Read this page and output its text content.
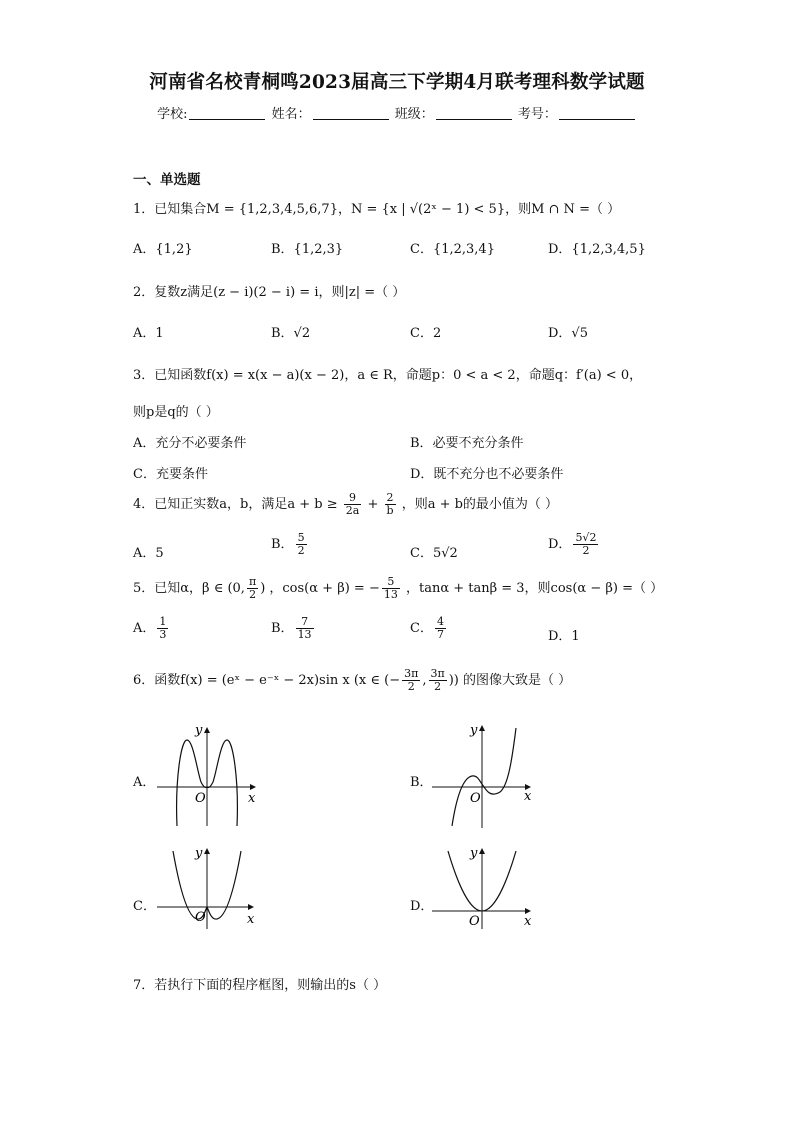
河南省名校青桐鸣2023届高三下学期4月联考理科数学试题
学校:	姓名：	班级：	考号：
一、单选题
1．已知集合M = {1,2,3,4,5,6,7}，N = {x | √(2ˣ − 1) < 5}，则M ∩ N =（ ）
A．{1,2}	B．{1,2,3}	C．{1,2,3,4}	D．{1,2,3,4,5}
2．复数z满足(z − i)(2 − i) = i，则|z| =（ ）
A．1	B．√2	C．2	D．√5
3．已知函数f(x) = x(x − a)(x − 2)，a ∈ R，命题p：0 < a < 2，命题q：f′(a) < 0，
则p是q的（ ）
A．充分不必要条件	B．必要不充分条件
C．充要条件	D．既不充分也不必要条件
4．已知正实数a，b，满足$a + b \ge \frac{9}{2a} + \frac{2}{b}$ ，则a + b的最小值为（ ）
A．5
B． $\frac{5}{2}$	C．5√2
D． $\frac{5√2}{2}$
5．已知α，β ∈ (0, $\frac{\pi}{2}$ ) ，cos(α + β) = − $\frac{5}{13}$ ，tanα + tanβ = 3，则cos(α − β) =（ ）
A． $\frac{1}{3}$	B． $\frac{7}{13}$	C． $\frac{4}{7}$	D．1
6．函数f(x) = (eˣ − e⁻ˣ − 2x)sin x (x ∈ (− $\frac{3\pi}{2}$ , $\frac{3\pi}{2}$ )) 的图像大致是（ ）
A．	B．
C．	D．
O	x
y
O	x
y
O	x
y
O	x
y
7．若执行下面的程序框图，则输出的s（ ）
